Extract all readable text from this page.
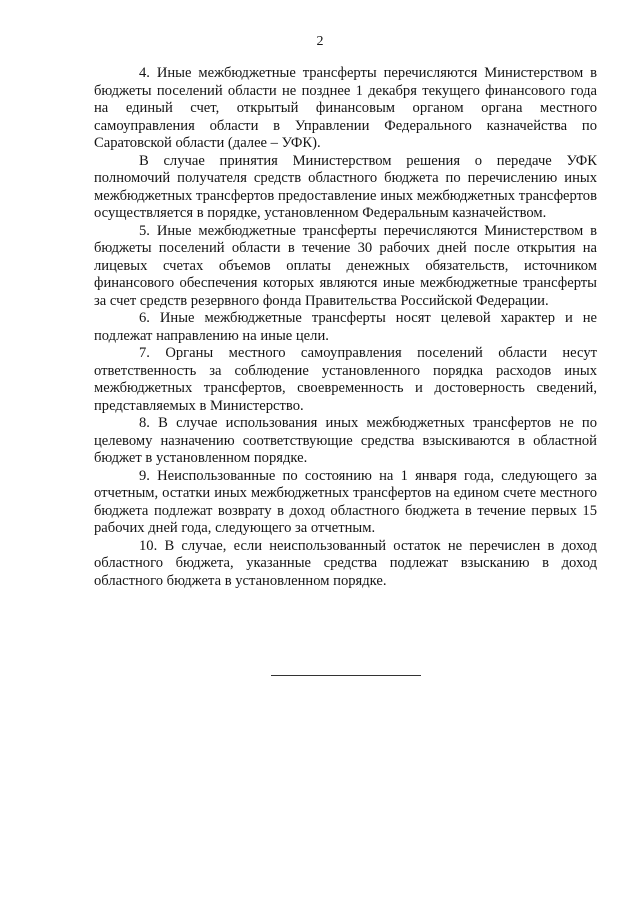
2

4. Иные межбюджетные трансферты перечисляются Министерством в бюджеты поселений области не позднее 1 декабря текущего финансового года на единый счет, открытый финансовым органом органа местного самоуправления области в Управлении Федерального казначейства по Саратовской области (далее – УФК).

В случае принятия Министерством решения о передаче УФК полномочий получателя средств областного бюджета по перечислению иных межбюджетных трансфертов предоставление иных межбюджетных трансфертов осуществляется в порядке, установленном Федеральным казначейством.

5. Иные межбюджетные трансферты перечисляются Министерством в бюджеты поселений области в течение 30 рабочих дней после открытия на лицевых счетах объемов оплаты денежных обязательств, источником финансового обеспечения которых являются иные межбюджетные трансферты за счет средств резервного фонда Правительства Российской Федерации.

6. Иные межбюджетные трансферты носят целевой характер и не подлежат направлению на иные цели.

7. Органы местного самоуправления поселений области несут ответственность за соблюдение установленного порядка расходов иных межбюджетных трансфертов, своевременность и достоверность сведений, представляемых в Министерство.

8. В случае использования иных межбюджетных трансфертов не по целевому назначению соответствующие средства взыскиваются в областной бюджет в установленном порядке.

9. Неиспользованные по состоянию на 1 января года, следующего за отчетным, остатки иных межбюджетных трансфертов на едином счете местного бюджета подлежат возврату в доход областного бюджета в течение первых 15 рабочих дней года, следующего за отчетным.

10. В случае, если неиспользованный остаток не перечислен в доход областного бюджета, указанные средства подлежат взысканию в доход областного бюджета в установленном порядке.
